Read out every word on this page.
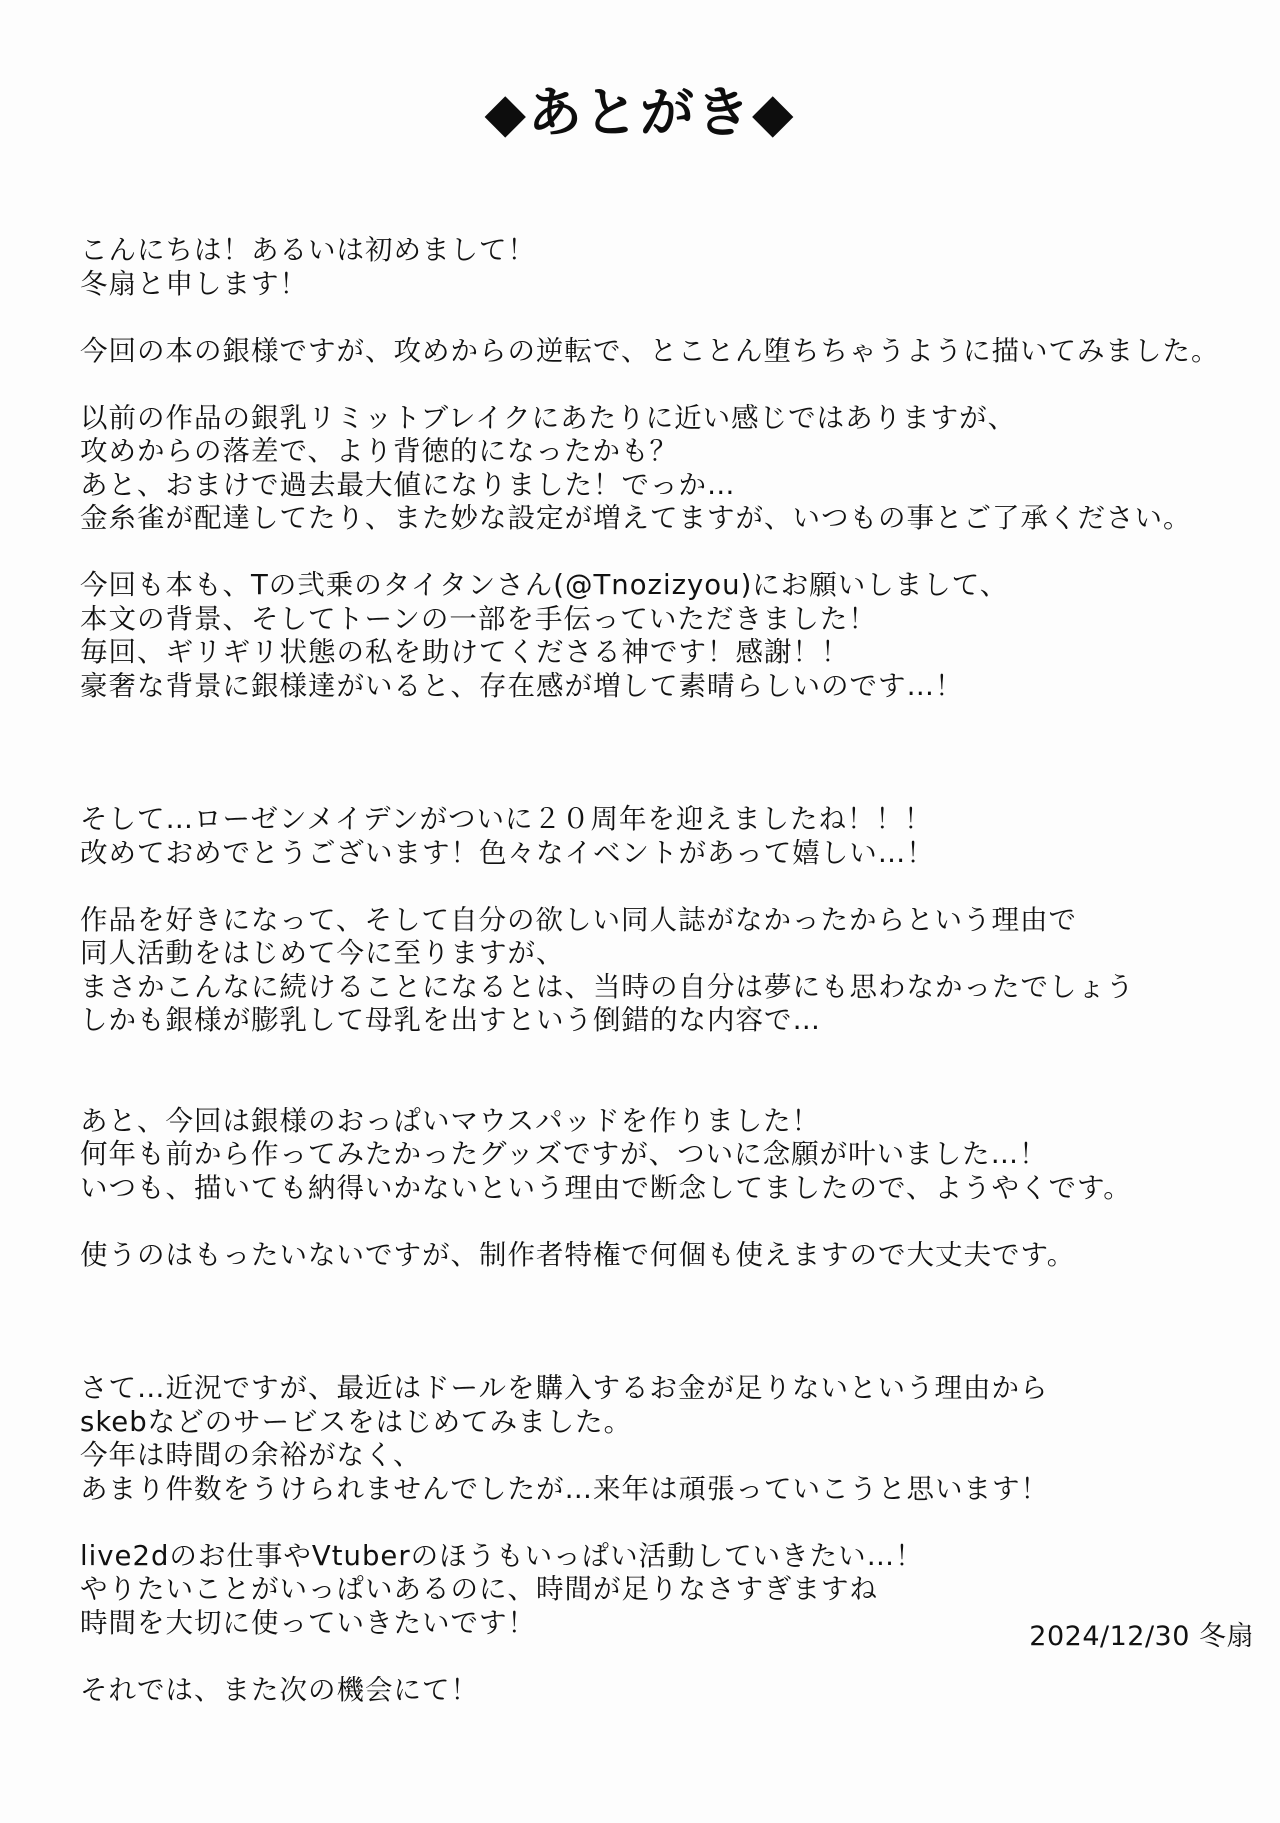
◆あとがき◆
こんにちは！あるいは初めまして！
冬扇と申します！
今回の本の銀様ですが、攻めからの逆転で、とことん堕ちちゃうように描いてみました。
以前の作品の銀乳リミットブレイクにあたりに近い感じではありますが、
攻めからの落差で、より背徳的になったかも？
あと、おまけで過去最大値になりました！でっか…
金糸雀が配達してたり、また妙な設定が増えてますが、いつもの事とご了承ください。
今回も本も、Tの弐乗のタイタンさん(@Tnozizyou)にお願いしまして、
本文の背景、そしてトーンの一部を手伝っていただきました！
毎回、ギリギリ状態の私を助けてくださる神です！感謝！！
豪奢な背景に銀様達がいると、存在感が増して素晴らしいのです…！
そして…ローゼンメイデンがついに２０周年を迎えましたね！！！
改めておめでとうございます！色々なイベントがあって嬉しい…！
作品を好きになって、そして自分の欲しい同人誌がなかったからという理由で
同人活動をはじめて今に至りますが、
まさかこんなに続けることになるとは、当時の自分は夢にも思わなかったでしょう
しかも銀様が膨乳して母乳を出すという倒錯的な内容で…
あと、今回は銀様のおっぱいマウスパッドを作りました！
何年も前から作ってみたかったグッズですが、ついに念願が叶いました…！
いつも、描いても納得いかないという理由で断念してましたので、ようやくです。
使うのはもったいないですが、制作者特権で何個も使えますので大丈夫です。
さて…近況ですが、最近はドールを購入するお金が足りないという理由から
skebなどのサービスをはじめてみました。
今年は時間の余裕がなく、
あまり件数をうけられませんでしたが…来年は頑張っていこうと思います！
live2dのお仕事やVtuberのほうもいっぱい活動していきたい…！
やりたいことがいっぱいあるのに、時間が足りなさすぎますね
時間を大切に使っていきたいです！
それでは、また次の機会にて！
2024/12/30 冬扇
